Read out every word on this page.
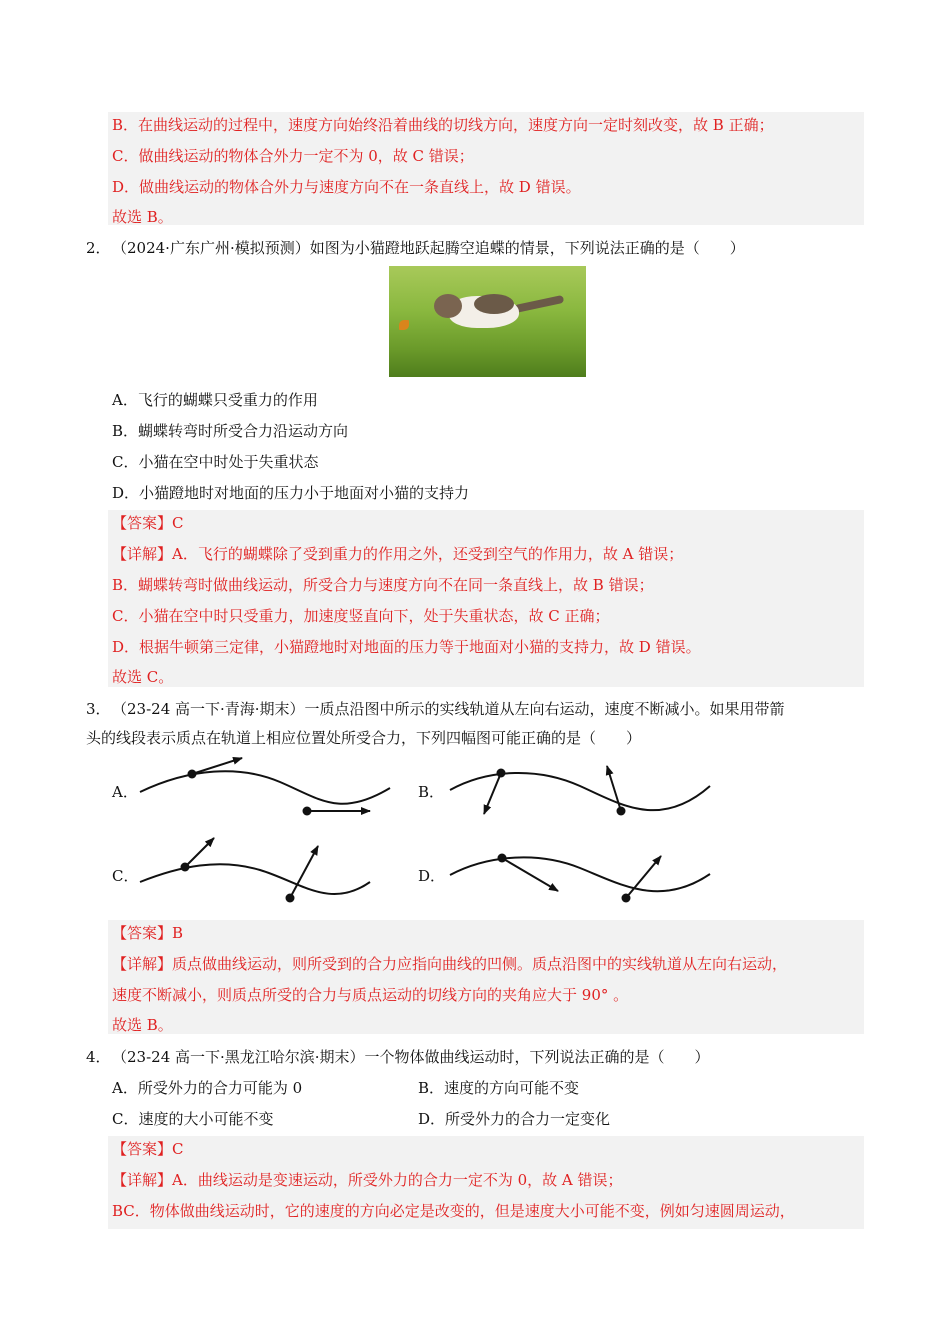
B．在曲线运动的过程中，速度方向始终沿着曲线的切线方向，速度方向一定时刻改变，故 B 正确；
C．做曲线运动的物体合外力一定不为 0，故 C 错误；
D．做曲线运动的物体合外力与速度方向不在一条直线上，故 D 错误。
故选 B。
2． （2024·广东广州·模拟预测）如图为小猫蹬地跃起腾空追蝶的情景，下列说法正确的是（　　）
A．飞行的蝴蝶只受重力的作用
B．蝴蝶转弯时所受合力沿运动方向
C．小猫在空中时处于失重状态
D．小猫蹬地时对地面的压力小于地面对小猫的支持力
【答案】C
【详解】A．飞行的蝴蝶除了受到重力的作用之外，还受到空气的作用力，故 A 错误；
B．蝴蝶转弯时做曲线运动，所受合力与速度方向不在同一条直线上，故 B 错误；
C．小猫在空中时只受重力，加速度竖直向下，处于失重状态，故 C 正确；
D．根据牛顿第三定律，小猫蹬地时对地面的压力等于地面对小猫的支持力，故 D 错误。
故选 C。
3． （23-24 高一下·青海·期末）一质点沿图中所示的实线轨道从左向右运动，速度不断减小。如果用带箭
头的线段表示质点在轨道上相应位置处所受合力，下列四幅图可能正确的是（　　）
A．	B．
C．	D．
【答案】B
【详解】质点做曲线运动，则所受到的合力应指向曲线的凹侧。质点沿图中的实线轨道从左向右运动，
速度不断减小，则质点所受的合力与质点运动的切线方向的夹角应大于 90° 。
故选 B。
4． （23-24 高一下·黑龙江哈尔滨·期末）一个物体做曲线运动时，下列说法正确的是（　　）
A．所受外力的合力可能为 0	B．速度的方向可能不变
C．速度的大小可能不变	D．所受外力的合力一定变化
【答案】C
【详解】A．曲线运动是变速运动，所受外力的合力一定不为 0，故 A 错误；
BC．物体做曲线运动时，它的速度的方向必定是改变的，但是速度大小可能不变，例如匀速圆周运动，
